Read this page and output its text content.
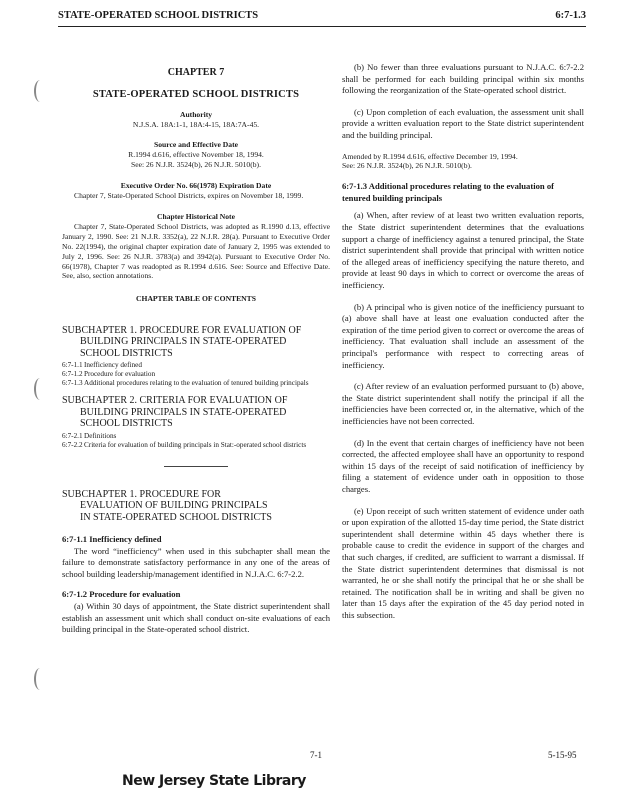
STATE-OPERATED SCHOOL DISTRICTS	6:7-1.3

CHAPTER 7

STATE-OPERATED SCHOOL DISTRICTS

Authority

N.J.S.A. 18A:1-1, 18A:4-15, 18A:7A-45.

Source and Effective Date

R.1994 d.616, effective November 18, 1994.
See: 26 N.J.R. 3524(b), 26 N.J.R. 5010(b).

Executive Order No. 66(1978) Expiration Date

Chapter 7, State-Operated School Districts, expires on November 18, 1999.

Chapter Historical Note

Chapter 7, State-Operated School Districts, was adopted as R.1990 d.13, effective January 2, 1990. See: 21 N.J.R. 3352(a), 22 N.J.R. 28(a). Pursuant to Executive Order No. 22(1994), the original chapter expiration date of January 2, 1995 was extended to July 2, 1996. See: 26 N.J.R. 3783(a) and 3942(a). Pursuant to Executive Order No. 66(1978), Chapter 7 was readopted as R.1994 d.616. See: Source and Effective Date. See, also, section annotations.

CHAPTER TABLE OF CONTENTS

SUBCHAPTER 1. PROCEDURE FOR EVALUATION OF
BUILDING PRINCIPALS IN STATE-OPERATED
SCHOOL DISTRICTS
6:7-1.1 Inefficiency defined
6:7-1.2 Procedure for evaluation
6:7-1.3 Additional procedures relating to the evaluation of tenured building principals
SUBCHAPTER 2. CRITERIA FOR EVALUATION OF
BUILDING PRINCIPALS IN STATE-OPERATED
SCHOOL DISTRICTS
6:7-2.1 Definitions
6:7-2.2 Criteria for evaluation of building principals in Stat:-operated school districts
SUBCHAPTER 1. PROCEDURE FOR
EVALUATION OF BUILDING PRINCIPALS
IN STATE-OPERATED SCHOOL DISTRICTS

6:7-1.1 Inefficiency defined

The word “inefficiency” when used in this subchapter shall mean the failure to demonstrate satisfactory performance in any one of the areas of school building leadership/management identified in N.J.A.C. 6:7-2.2.

6:7-1.2 Procedure for evaluation

(a) Within 30 days of appointment, the State district superintendent shall establish an assessment unit which shall conduct on-site evaluations of each building principal in the State-operated school district.

(b) No fewer than three evaluations pursuant to N.J.A.C. 6:7-2.2 shall be performed for each building principal within six months following the reorganization of the State-operated school district.

(c) Upon completion of each evaluation, the assessment unit shall provide a written evaluation report to the State district superintendent and the building principal.

Amended by R.1994 d.616, effective December 19, 1994.
See: 26 N.J.R. 3524(b), 26 N.J.R. 5010(b).

6:7-1.3 Additional procedures relating to the evaluation of tenured building principals

(a) When, after review of at least two written evaluation reports, the State district superintendent determines that the evaluations support a charge of inefficiency against a tenured principal, the State district superintendent shall provide that principal with written notice of the alleged areas of inefficiency specifying the nature thereto, and provide at least 90 days in which to correct or overcome the areas of inefficiency.

(b) A principal who is given notice of the inefficiency pursuant to (a) above shall have at least one evaluation conducted after the expiration of the time period given to correct or overcome the areas of inefficiency. That evaluation shall include an assessment of the principal's performance with respect to correcting areas of inefficiency.

(c) After review of an evaluation performed pursuant to (b) above, the State district superintendent shall notify the principal if all the inefficiencies have been corrected or, in the alternative, which of the inefficiencies have not been corrected.

(d) In the event that certain charges of inefficiency have not been corrected, the affected employee shall have an opportunity to respond within 15 days of the receipt of said notification of inefficiency by filing a statement of evidence under oath in opposition to those charges.

(e) Upon receipt of such written statement of evidence under oath or upon expiration of the allotted 15-day time period, the State district superintendent shall determine within 45 days whether there is probable cause to credit the evidence in support of the charges and that such charges, if credited, are sufficient to warrant a dismissal. If the State district superintendent determines that dismissal is not warranted, he or she shall notify the principal that he or she shall be retained. The notification shall be in writing and shall be given no later than 15 days after the expiration of the 45 day period noted in this subsection.

7-1	5-15-95
New Jersey State Library
